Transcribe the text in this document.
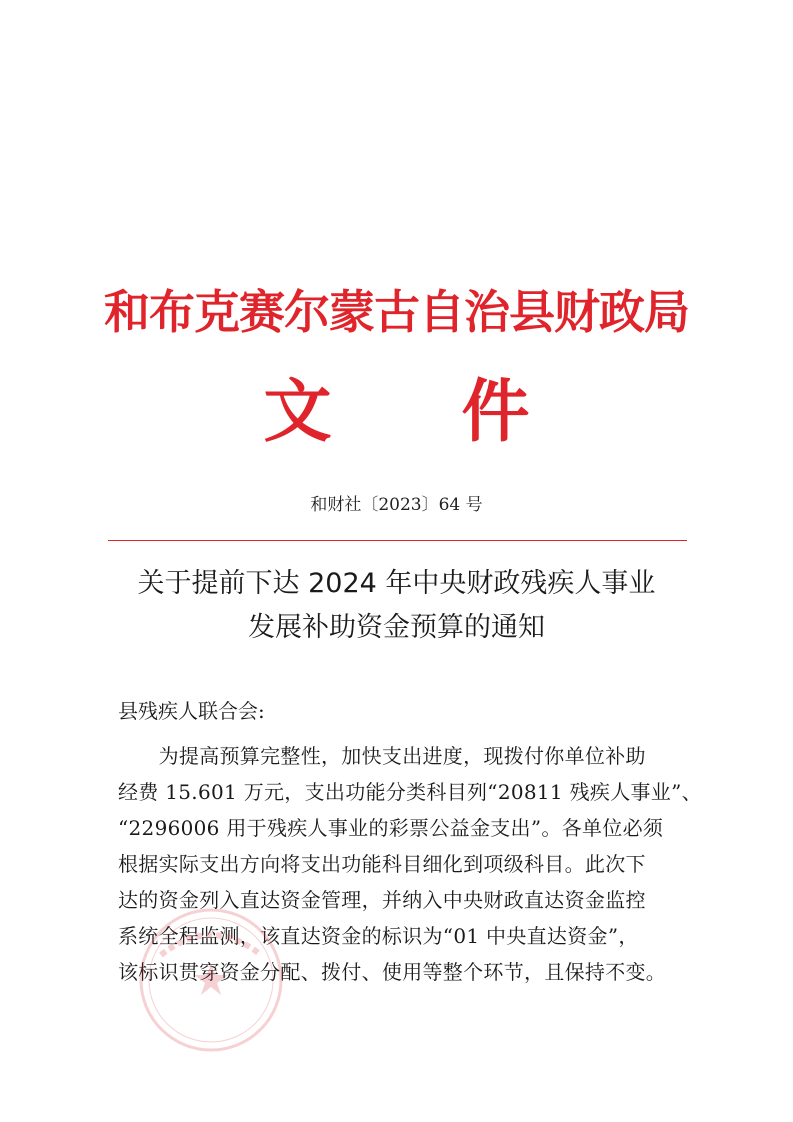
和布克赛尔蒙古自治县财政局
文 件
和财社〔2023〕64 号
关于提前下达 2024 年中央财政残疾人事业
发展补助资金预算的通知
县残疾人联合会:
　　为提高预算完整性，加快支出进度，现拨付你单位补助
经费 15.601 万元，支出功能分类科目列“20811 残疾人事业”、
“2296006 用于残疾人事业的彩票公益金支出”。各单位必须
根据实际支出方向将支出功能科目细化到项级科目。此次下
达的资金列入直达资金管理，并纳入中央财政直达资金监控
系统全程监测，该直达资金的标识为“01 中央直达资金”，
该标识贯穿资金分配、拨付、使用等整个环节，且保持不变。
